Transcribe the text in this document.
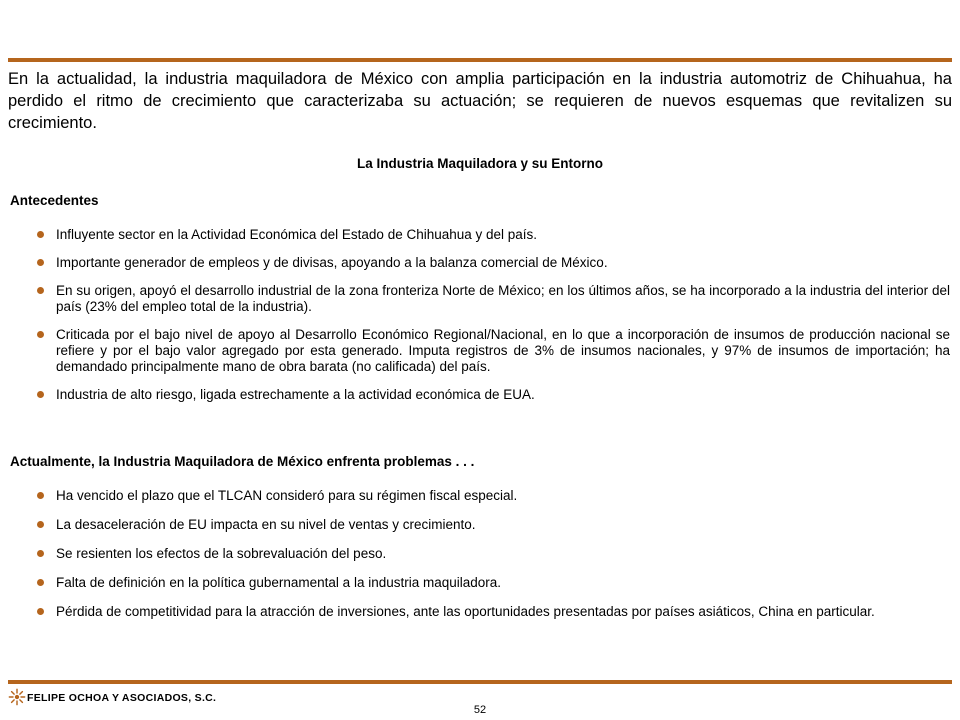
En la actualidad, la industria maquiladora de México con amplia participación en la industria automotriz de Chihuahua, ha perdido el ritmo de crecimiento que caracterizaba su actuación; se requieren de nuevos esquemas que revitalizen su crecimiento.

La Industria Maquiladora y su Entorno
Antecedentes
Influyente sector en la Actividad Económica del Estado de Chihuahua y del país.
Importante generador de empleos y de divisas, apoyando a la balanza comercial de México.
En su origen, apoyó el desarrollo industrial de la zona fronteriza Norte de México; en los últimos años, se ha incorporado a la industria del interior del país (23% del empleo total de la industria).
Criticada por el bajo nivel de apoyo al Desarrollo Económico Regional/Nacional, en lo que a incorporación de insumos de producción nacional se refiere y por el bajo valor agregado por esta generado. Imputa registros de 3% de insumos nacionales, y 97% de insumos de importación; ha demandado principalmente mano de obra barata (no calificada) del país.
Industria de alto riesgo, ligada estrechamente a la actividad económica de EUA.
Actualmente, la Industria Maquiladora de México enfrenta problemas . . .
Ha vencido el plazo que el TLCAN consideró para su régimen fiscal especial.
La desaceleración de EU impacta en su nivel de ventas y crecimiento.
Se resienten los efectos de la sobrevaluación del peso.
Falta de definición en la política gubernamental a la industria maquiladora.
Pérdida de competitividad para la atracción de inversiones, ante las oportunidades presentadas por países asiáticos, China en particular.
FELIPE OCHOA Y ASOCIADOS, S.C.
52
